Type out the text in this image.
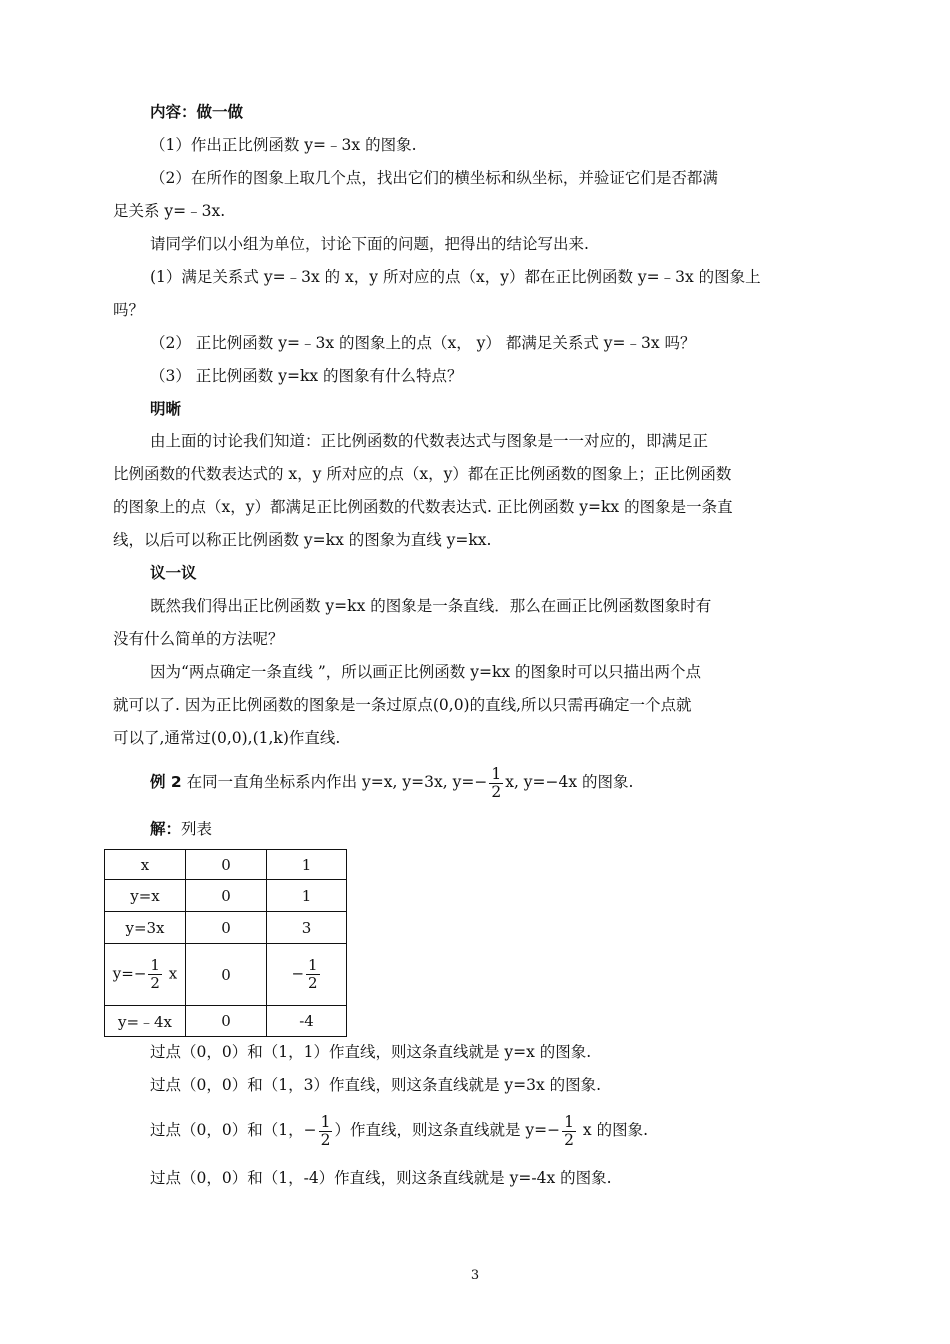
内容：做一做
（1）作出正比例函数 y=﹣3x 的图象.
（2）在所作的图象上取几个点，找出它们的横坐标和纵坐标，并验证它们是否都满
足关系 y=﹣3x.
请同学们以小组为单位，讨论下面的问题，把得出的结论写出来.
(1）满足关系式 y=﹣3x 的 x，y 所对应的点（x，y）都在正比例函数 y=﹣3x 的图象上
吗？
（2） 正比例函数 y=﹣3x 的图象上的点（x， y） 都满足关系式 y=﹣3x 吗？
（3） 正比例函数 y=kx 的图象有什么特点？
明晰
由上面的讨论我们知道：正比例函数的代数表达式与图象是一一对应的，即满足正
比例函数的代数表达式的 x，y 所对应的点（x，y）都在正比例函数的图象上；正比例函数
的图象上的点（x，y）都满足正比例函数的代数表达式. 正比例函数 y=kx 的图象是一条直
线，以后可以称正比例函数 y=kx 的图象为直线 y=kx.
议一议
既然我们得出正比例函数 y=kx 的图象是一条直线．那么在画正比例函数图象时有
没有什么简单的方法呢？
因为“两点确定一条直线 ”，所以画正比例函数 y=kx 的图象时可以只描出两个点
就可以了. 因为正比例函数的图象是一条过原点(0,0)的直线,所以只需再确定一个点就
可以了,通常过(0,0),(1,k)作直线.
例 2 在同一直角坐标系内作出 y=x, y=3x, $y=- \frac{1}{2} x$, y=−4x 的图象.
解：列表
x	0	1
y=x	0	1
y=3x	0	3
$y=- \frac{1}{2}$ x	0	− $\frac{1}{2}$

y=﹣4x	0	-4
过点（0，0）和（1，1）作直线，则这条直线就是 y=x 的图象.
过点（0，0）和（1，3）作直线，则这条直线就是 y=3x 的图象.
过点（0，0）和（1，− $\frac{1}{2}$ ）作直线，则这条直线就是 $y=- \frac{1}{2}$ x 的图象.
过点（0，0）和（1，-4）作直线，则这条直线就是 y=-4x 的图象.
3
